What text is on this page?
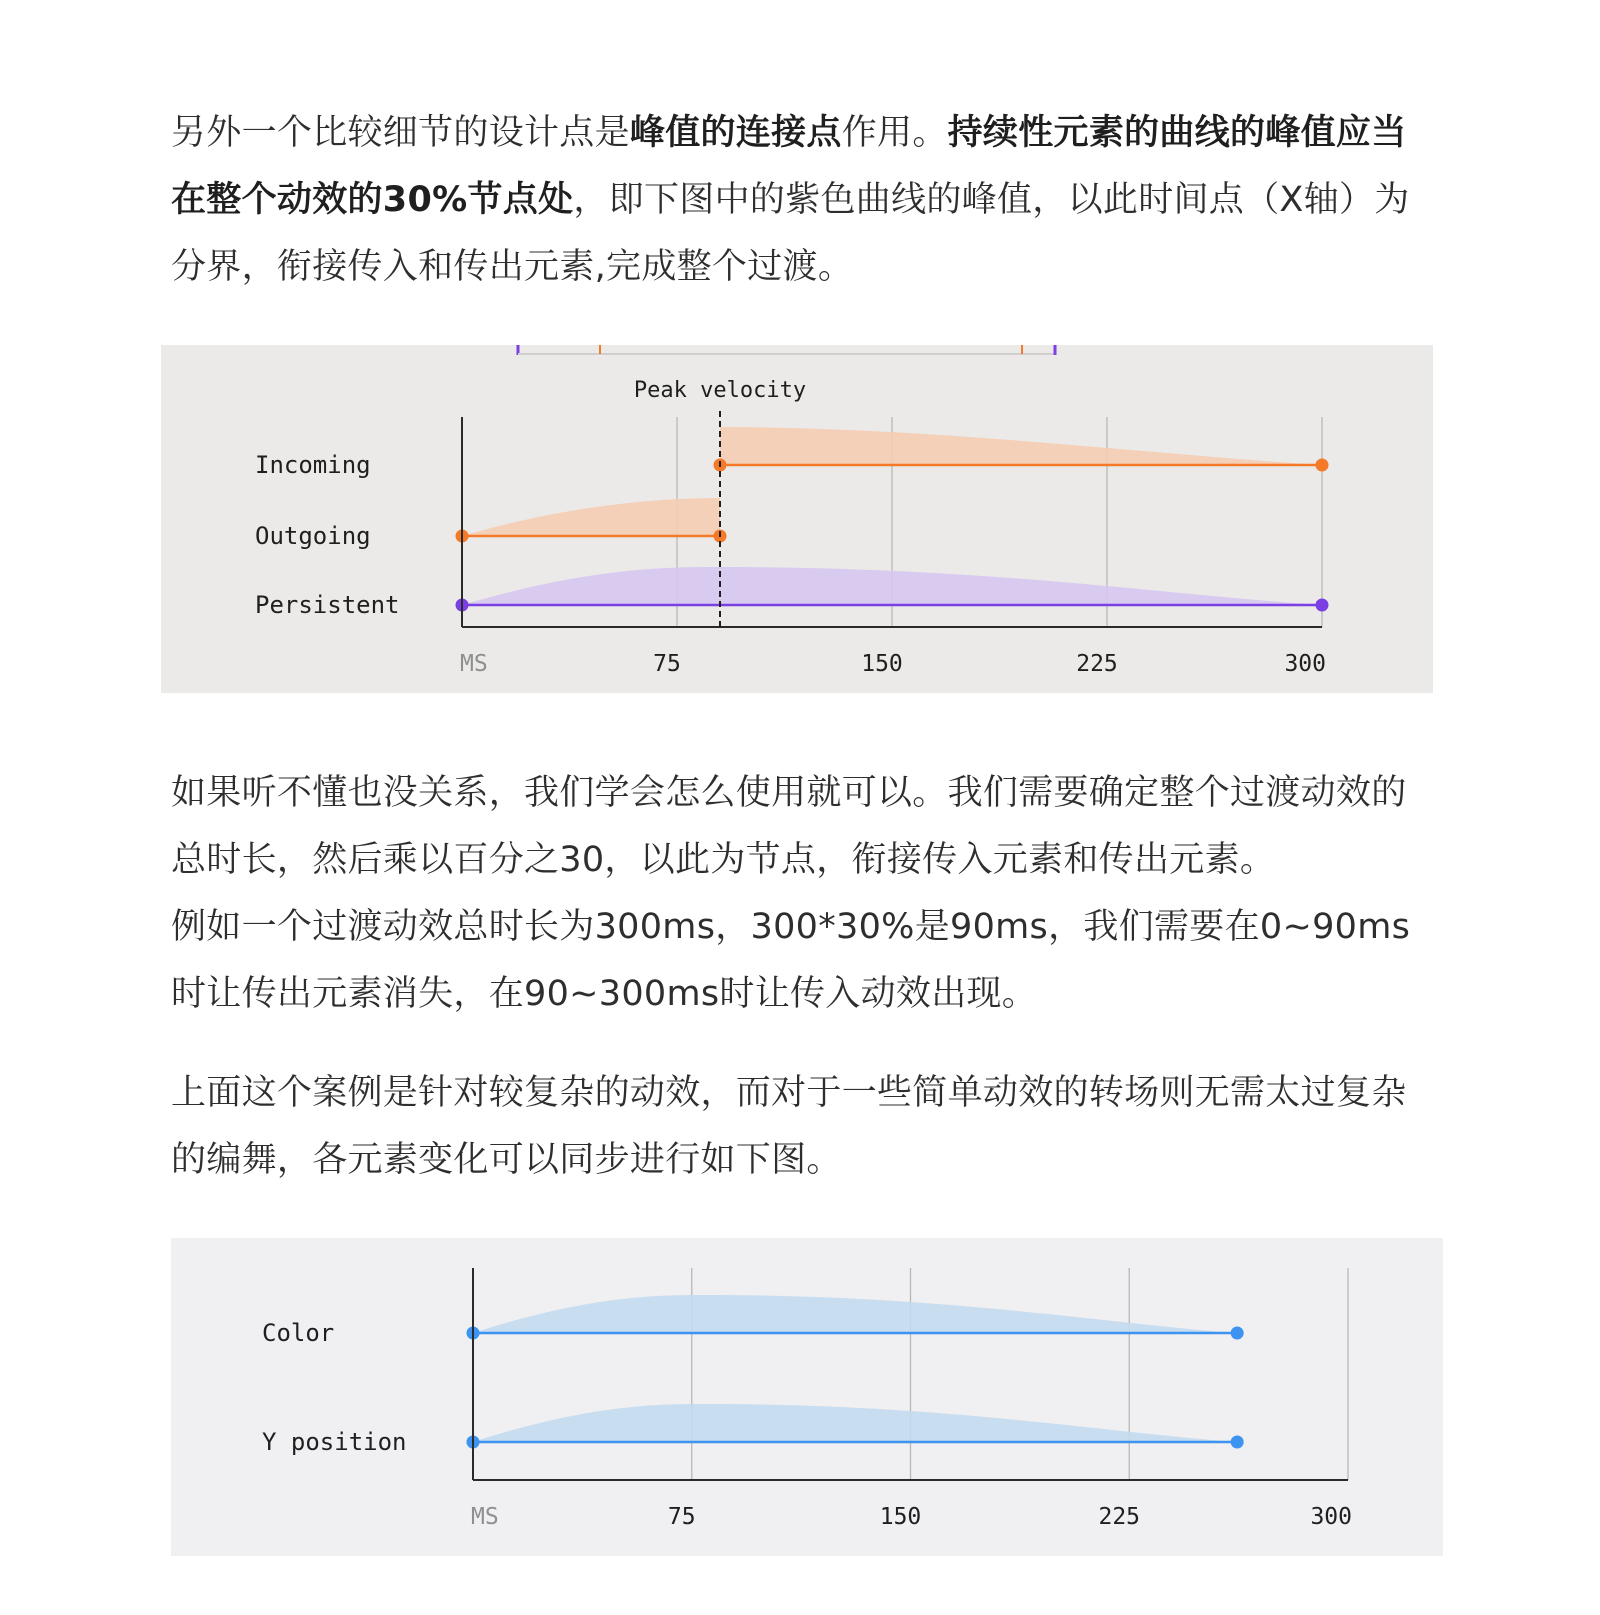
另外一个比较细节的设计点是峰值的连接点作用。持续性元素的曲线的峰值应当在整个动效的30%节点处，即下图中的紫色曲线的峰值，以此时间点（X轴）为分界，衔接传入和传出元素,完成整个过渡。

Incoming
Outgoing
Persistent
MS	75	150	225	300
Peak velocity

如果听不懂也没关系，我们学会怎么使用就可以。我们需要确定整个过渡动效的总时长，然后乘以百分之30，以此为节点，衔接传入元素和传出元素。
例如一个过渡动效总时长为300ms，300*30%是90ms，我们需要在0~90ms时让传出元素消失，在90~300ms时让传入动效出现。

上面这个案例是针对较复杂的动效，而对于一些简单动效的转场则无需太过复杂的编舞，各元素变化可以同步进行如下图。

Color
Y position
MS	75	150	225	300
